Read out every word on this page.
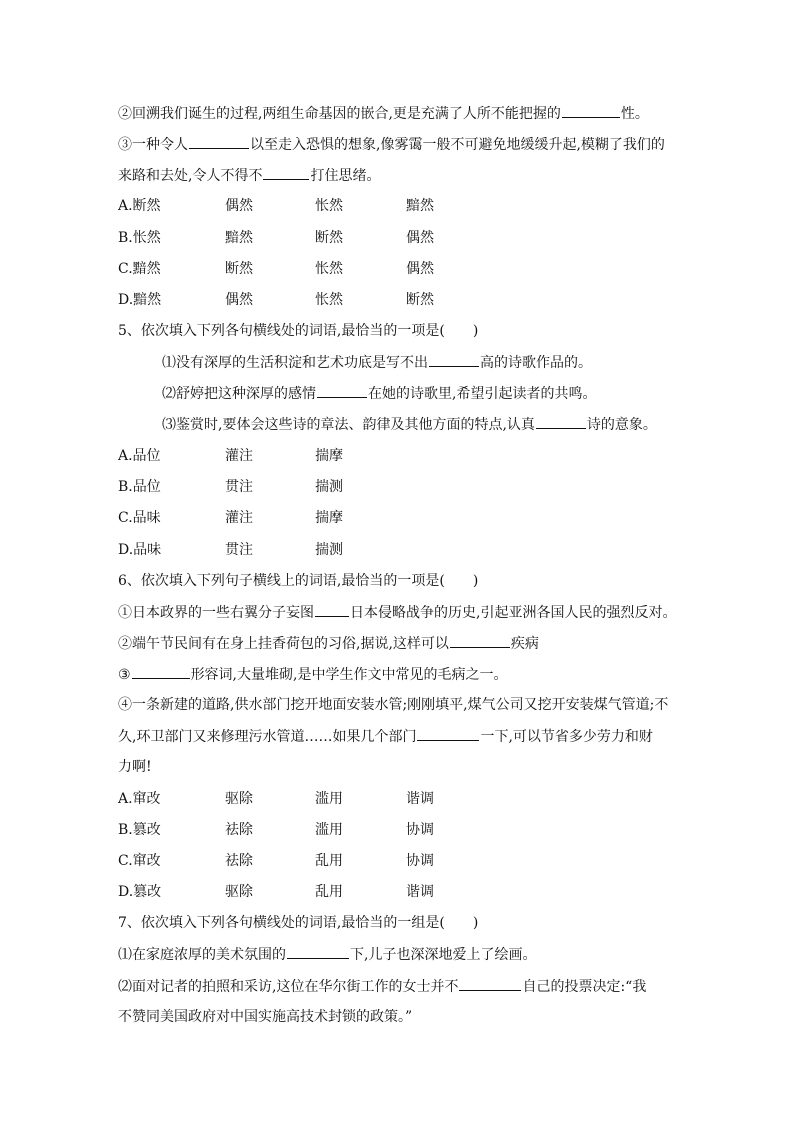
②回溯我们诞生的过程,两组生命基因的嵌合,更是充满了人所不能把握的	性。
③一种令人	以至走入恐惧的想象,像雾霭一般不可避免地缓缓升起,模糊了我们的
来路和去处,令人不得不	打住思绪。
A.断然	偶然	怅然	黯然
B.怅然	黯然	断然	偶然
C.黯然	断然	怅然	偶然
D.黯然	偶然	怅然	断然
5、依次填入下列各句横线处的词语,最恰当的一项是(　　)
⑴没有深厚的生活积淀和艺术功底是写不出	高的诗歌作品的。
⑵舒婷把这种深厚的感情	在她的诗歌里,希望引起读者的共鸣。
⑶鉴赏时,要体会这些诗的章法、韵律及其他方面的特点,认真	诗的意象。
A.品位	灌注	揣摩
B.品位	贯注	揣测
C.品味	灌注	揣摩
D.品味	贯注	揣测
6、依次填入下列句子横线上的词语,最恰当的一项是(　　)
①日本政界的一些右翼分子妄图	日本侵略战争的历史,引起亚洲各国人民的强烈反对。
②端午节民间有在身上挂香荷包的习俗,据说,这样可以	疾病
③	形容词,大量堆砌,是中学生作文中常见的毛病之一。
④一条新建的道路,供水部门挖开地面安装水管;刚刚填平,煤气公司又挖开安装煤气管道;不
久,环卫部门又来修理污水管道……如果几个部门	一下,可以节省多少劳力和财
力啊!
A.窜改	驱除	滥用	谐调
B.篡改	祛除	滥用	协调
C.窜改	祛除	乱用	协调
D.篡改	驱除	乱用	谐调
7、依次填入下列各句横线处的词语,最恰当的一组是(　　)
⑴在家庭浓厚的美术氛围的	下,儿子也深深地爱上了绘画。
⑵面对记者的拍照和采访,这位在华尔街工作的女士并不	自己的投票决定:“我
不赞同美国政府对中国实施高技术封锁的政策。”
